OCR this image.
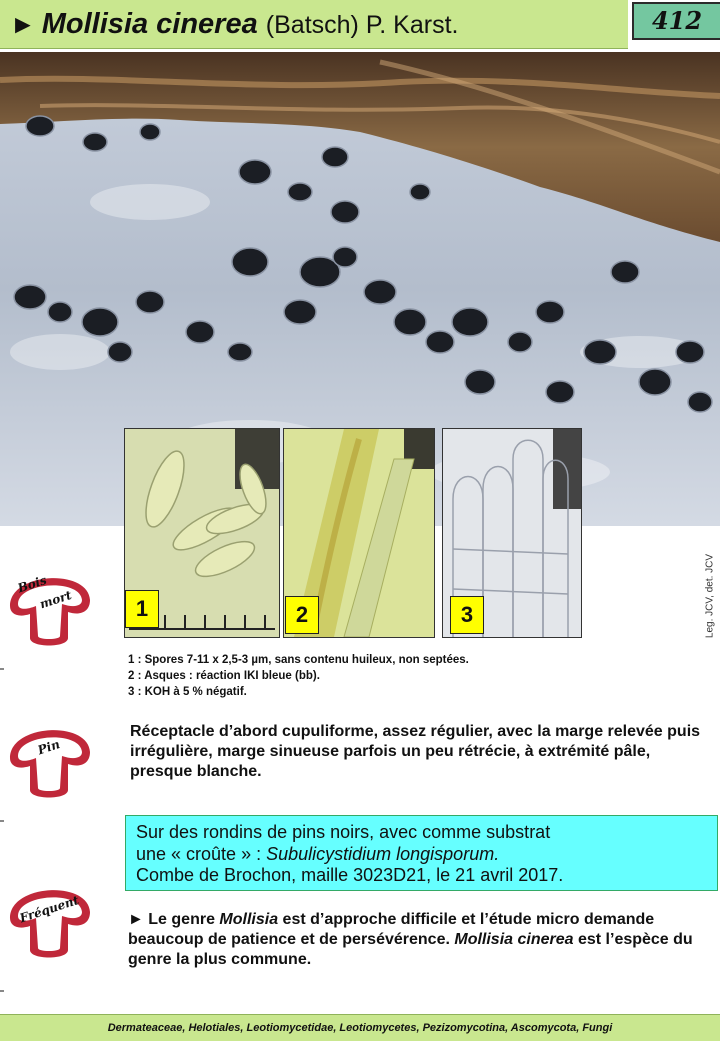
► Mollisia cinerea (Batsch) P. Karst.	412
1	2	3	Leg. JCV, det. JCV
Bois
mort
Pin
Fréquent
1 : Spores 7-11 x 2,5-3 µm, sans contenu huileux, non septées.
2 : Asques : réaction IKI bleue (bb).
3 : KOH à 5 % négatif.
Réceptacle d’abord cupuliforme, assez régulier, avec la marge relevée puis irrégulière, marge sinueuse parfois un peu rétrécie, à extrémité pâle, presque blanche.
Sur des rondins de pins noirs, avec comme substrat
une « croûte » : Subulicystidium longisporum.
Combe de Brochon, maille 3023D21, le 21 avril 2017.
► Le genre Mollisia est d’approche difficile et l’étude micro demande beaucoup de patience et de persévérence. Mollisia cinerea est l’espèce du genre la plus commune.
Dermateaceae, Helotiales, Leotiomycetidae, Leotiomycetes, Pezizomycotina, Ascomycota, Fungi
